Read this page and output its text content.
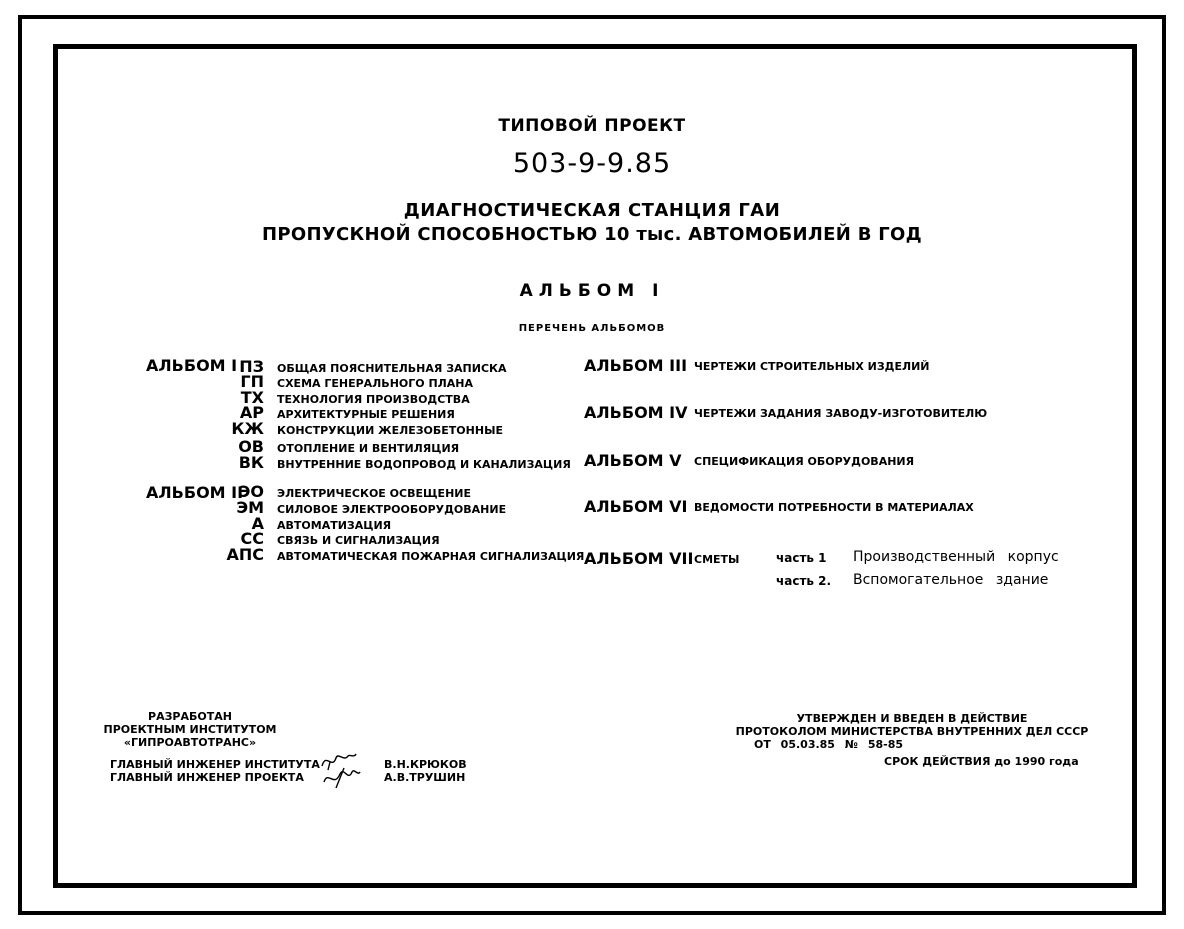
ТИПОВОЙ ПРОЕКТ
503-9-9.85
ДИАГНОСТИЧЕСКАЯ СТАНЦИЯ ГАИ
ПРОПУСКНОЙ СПОСОБНОСТЬЮ 10 тыс. АВТОМОБИЛЕЙ В ГОД
АЛЬБОМ I
ПЕРЕЧЕНЬ АЛЬБОМОВ
АЛЬБОМ I ПЗ ОБЩАЯ ПОЯСНИТЕЛЬНАЯ ЗАПИСКА
ГП СХЕМА ГЕНЕРАЛЬНОГО ПЛАНА
ТХ ТЕХНОЛОГИЯ ПРОИЗВОДСТВА
АР АРХИТЕКТУРНЫЕ РЕШЕНИЯ
КЖ КОНСТРУКЦИИ ЖЕЛЕЗОБЕТОННЫЕ
ОВ ОТОПЛЕНИЕ И ВЕНТИЛЯЦИЯ
ВК ВНУТРЕННИЕ ВОДОПРОВОД И КАНАЛИЗАЦИЯ
АЛЬБОМ II
ЭО ЭЛЕКТРИЧЕСКОЕ ОСВЕЩЕНИЕ
ЭМ СИЛОВОЕ ЭЛЕКТРООБОРУДОВАНИЕ
А АВТОМАТИЗАЦИЯ
СС СВЯЗЬ И СИГНАЛИЗАЦИЯ
АПС АВТОМАТИЧЕСКАЯ ПОЖАРНАЯ СИГНАЛИЗАЦИЯ
АЛЬБОМ III ЧЕРТЕЖИ СТРОИТЕЛЬНЫХ ИЗДЕЛИЙ
АЛЬБОМ IV ЧЕРТЕЖИ ЗАДАНИЯ ЗАВОДУ-ИЗГОТОВИТЕЛЮ
АЛЬБОМ V СПЕЦИФИКАЦИЯ ОБОРУДОВАНИЯ
АЛЬБОМ VI ВЕДОМОСТИ ПОТРЕБНОСТИ В МАТЕРИАЛАХ
АЛЬБОМ VII СМЕТЫ	часть 1 Производственный корпус
часть 2. Вспомогательное здание
РАЗРАБОТАН
ПРОЕКТНЫМ ИНСТИТУТОМ
«ГИПРОАВТОТРАНС»
ГЛАВНЫЙ ИНЖЕНЕР ИНСТИТУТА
ГЛАВНЫЙ ИНЖЕНЕР ПРОЕКТА
В.Н.КРЮКОВ
А.В.ТРУШИН
УТВЕРЖДЕН И ВВЕДЕН В ДЕЙСТВИЕ
ПРОТОКОЛОМ МИНИСТЕРСТВА ВНУТРЕННИХ ДЕЛ СССР
ОТ 05.03.85 № 58-85
СРОК ДЕЙСТВИЯ до 1990 года
